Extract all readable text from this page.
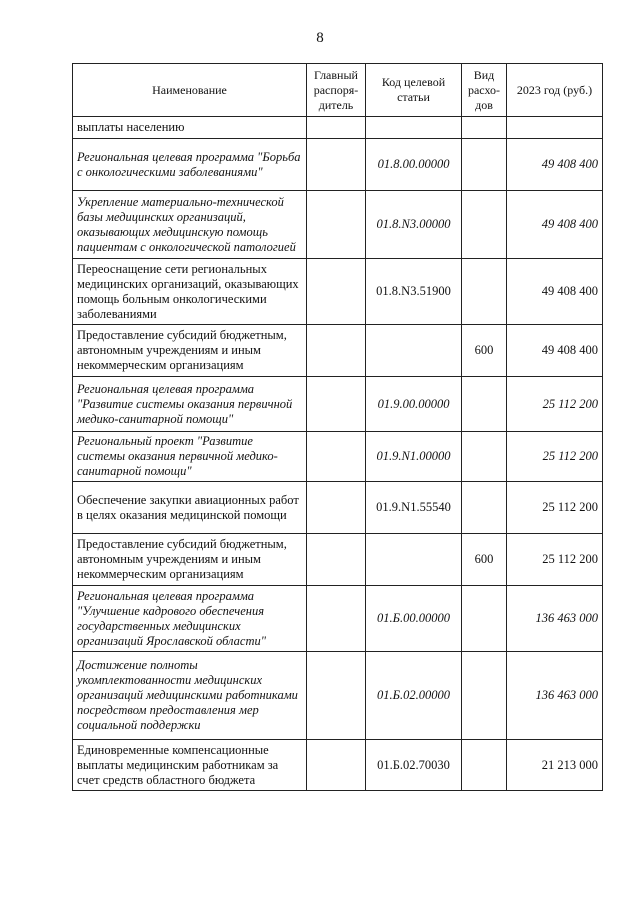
8
Наименование	Главный распоря-дитель	Код целевой статьи	Вид расхо-дов	2023 год (руб.)
выплаты населению				
Региональная целевая программа "Борьба с онкологическими заболеваниями"		01.8.00.00000		49 408 400
Укрепление материально-технической базы медицинских организаций, оказывающих медицинскую помощь пациентам с онкологической патологией		01.8.N3.00000		49 408 400
Переоснащение сети региональных медицинских организаций, оказывающих помощь больным онкологическими заболеваниями		01.8.N3.51900		49 408 400
Предоставление субсидий бюджетным, автономным учреждениям и иным некоммерческим организациям			600	49 408 400
Региональная целевая программа "Развитие системы оказания первичной медико-санитарной помощи"		01.9.00.00000		25 112 200
Региональный проект "Развитие системы оказания первичной медико-санитарной помощи"		01.9.N1.00000		25 112 200
Обеспечение закупки авиационных работ в целях оказания медицинской помощи		01.9.N1.55540		25 112 200
Предоставление субсидий бюджетным, автономным учреждениям и иным некоммерческим организациям			600	25 112 200
Региональная целевая программа "Улучшение кадрового обеспечения государственных медицинских организаций Ярославской области"		01.Б.00.00000		136 463 000
Достижение полноты укомплектованности медицинских организаций медицинскими работниками посредством предоставления мер социальной поддержки		01.Б.02.00000		136 463 000
Единовременные компенсационные выплаты медицинским работникам за счет средств областного бюджета		01.Б.02.70030		21 213 000
